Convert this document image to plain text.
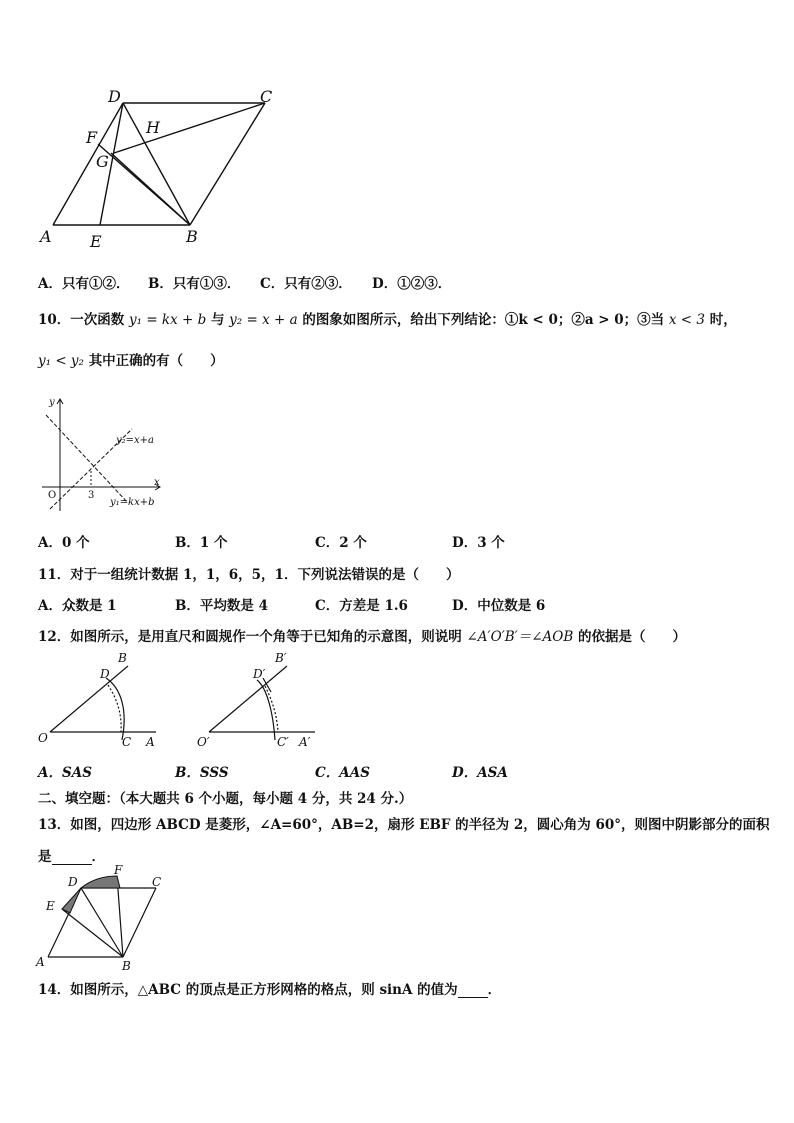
D	C
F
H
G
A E	B
A．只有①②． B．只有①③． C．只有②③． D．①②③．
10．一次函数 y₁ = kx + b 与 y₂ = x + a 的图象如图所示，给出下列结论：①k < 0；②a > 0；③当 x < 3 时，
y₁ < y₂ 其中正确的有（　　）
y
x
O	3
y₂=x+a
y₁=kx+b
A．0 个	B．1 个	C．2 个	D．3 个
11．对于一组统计数据 1，1，6，5，1．下列说法错误的是（　　）
A．众数是 1	B．平均数是 4	C．方差是 1.6	D．中位数是 6
12．如图所示，是用直尺和圆规作一个角等于已知角的示意图，则说明 ∠A′O′B′＝∠AOB 的依据是（　　）
B
D
O	C A
B′
D′
O′	C′ A′
A．SAS	B．SSS	C．AAS	D．ASA
二、填空题：（本大题共 6 个小题，每小题 4 分，共 24 分.）
13．如图，四边形 ABCD 是菱形，∠A=60°，AB=2，扇形 EBF 的半径为 2，圆心角为 60°，则图中阴影部分的面积
是	．
D
F
C
E
A	B
14．如图所示，△ABC 的顶点是正方形网格的格点，则 sinA 的值为 ．
